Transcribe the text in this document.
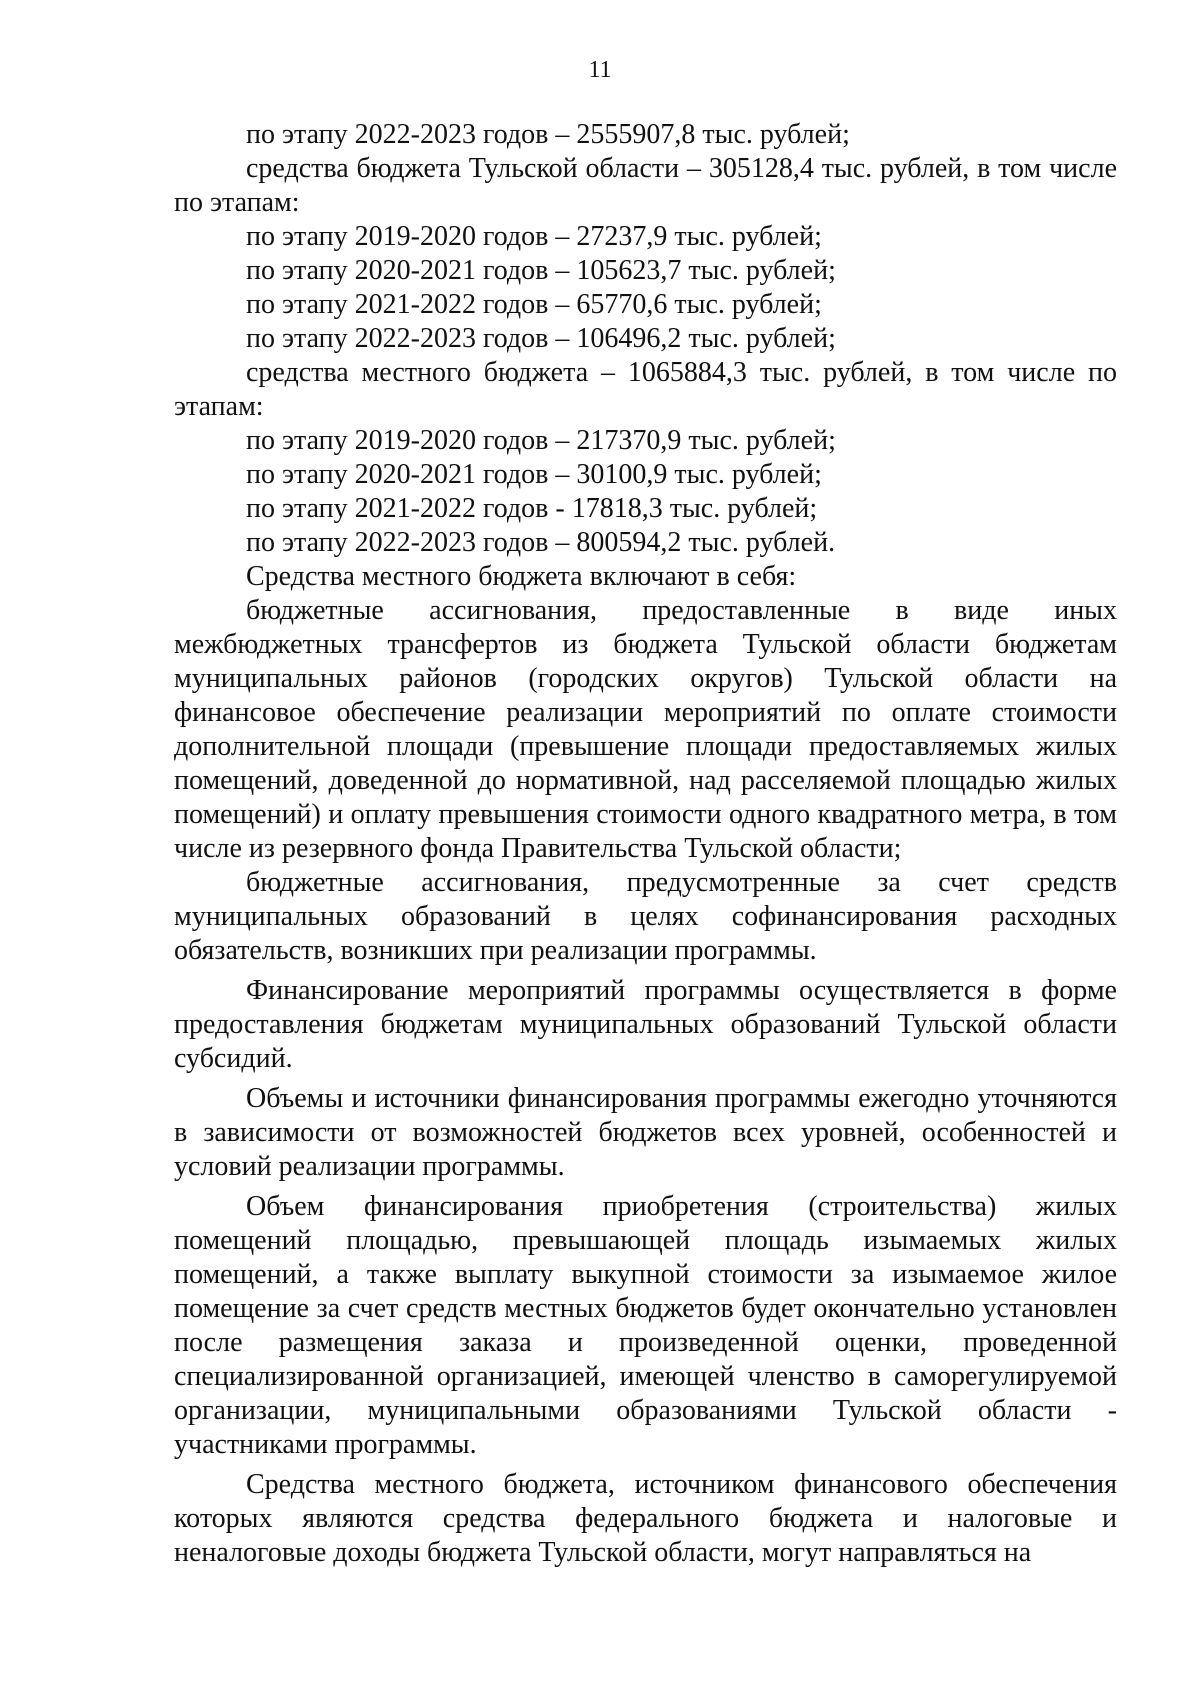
11

по этапу 2022-2023 годов – 2555907,8 тыс. рублей;

средства бюджета Тульской области – 305128,4 тыс. рублей, в том числе по этапам:

по этапу 2019-2020 годов – 27237,9 тыс. рублей;

по этапу 2020-2021 годов – 105623,7 тыс. рублей;

по этапу 2021-2022 годов – 65770,6 тыс. рублей;

по этапу 2022-2023 годов – 106496,2 тыс. рублей;

средства местного бюджета – 1065884,3 тыс. рублей, в том числе по этапам:

по этапу 2019-2020 годов – 217370,9 тыс. рублей;

по этапу 2020-2021 годов – 30100,9 тыс. рублей;

по этапу 2021-2022 годов - 17818,3 тыс. рублей;

по этапу 2022-2023 годов – 800594,2 тыс. рублей.

Средства местного бюджета включают в себя:

бюджетные ассигнования, предоставленные в виде иных межбюджетных трансфертов из бюджета Тульской области бюджетам муниципальных районов (городских округов) Тульской области на финансовое обеспечение реализации мероприятий по оплате стоимости дополнительной площади (превышение площади предоставляемых жилых помещений, доведенной до нормативной, над расселяемой площадью жилых помещений) и оплату превышения стоимости одного квадратного метра, в том числе из резервного фонда Правительства Тульской области;

бюджетные ассигнования, предусмотренные за счет средств муниципальных образований в целях софинансирования расходных обязательств, возникших при реализации программы.

Финансирование мероприятий программы осуществляется в форме предоставления бюджетам муниципальных образований Тульской области субсидий.

Объемы и источники финансирования программы ежегодно уточняются в зависимости от возможностей бюджетов всех уровней, особенностей и условий реализации программы.

Объем финансирования приобретения (строительства) жилых помещений площадью, превышающей площадь изымаемых жилых помещений, а также выплату выкупной стоимости за изымаемое жилое помещение за счет средств местных бюджетов будет окончательно установлен после размещения заказа и произведенной оценки, проведенной специализированной организацией, имеющей членство в саморегулируемой организации, муниципальными образованиями Тульской области - участниками программы.

Средства местного бюджета, источником финансового обеспечения которых являются средства федерального бюджета и налоговые и неналоговые доходы бюджета Тульской области, могут направляться на
